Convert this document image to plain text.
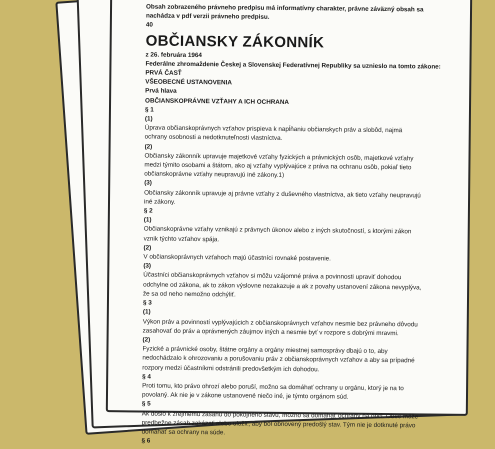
Obsah zobrazeného právneho predpisu má informatívny charakter, právne záväzný obsah sa
nachádza v pdf verzii právneho predpisu.
40
OBČIANSKY ZÁKONNÍK
z 26. februára 1964
Federálne zhromaždenie Českej a Slovenskej Federatívnej Republiky sa uznieslo na tomto zákone:
PRVÁ ČASŤ
VŠEOBECNÉ USTANOVENIA
Prvá hlava
OBČIANSKOPRÁVNE VZŤAHY A ICH OCHRANA
§ 1
(1)
Úprava občianskoprávnych vzťahov prispieva k napĺňaniu občianskych práv a slobôd, najmä
ochrany osobnosti a nedotknuteľnosti vlastníctva.
(2)
Občiansky zákonník upravuje majetkové vzťahy fyzických a právnických osôb, majetkové vzťahy
medzi týmito osobami a štátom, ako aj vzťahy vyplývajúce z práva na ochranu osôb, pokiaľ tieto
občianskoprávne vzťahy neupravujú iné zákony.1)
(3)
Občiansky zákonník upravuje aj právne vzťahy z duševného vlastníctva, ak tieto vzťahy neupravujú
iné zákony.
§ 2
(1)
Občianskoprávne vzťahy vznikajú z právnych úkonov alebo z iných skutočností, s ktorými zákon
vznik týchto vzťahov spája.
(2)
V občianskoprávnych vzťahoch majú účastníci rovnaké postavenie.
(3)
Účastníci občianskoprávnych vzťahov si môžu vzájomné práva a povinnosti upraviť dohodou
odchylne od zákona, ak to zákon výslovne nezakazuje a ak z povahy ustanovení zákona nevyplýva,
že sa od neho nemožno odchýliť.
§ 3
(1)
Výkon práv a povinností vyplývajúcich z občianskoprávnych vzťahov nesmie bez právneho dôvodu
zasahovať do práv a oprávnených záujmov iných a nesmie byť v rozpore s dobrými mravmi.
(2)
Fyzické a právnické osoby, štátne orgány a orgány miestnej samosprávy dbajú o to, aby
nedochádzalo k ohrozovaniu a porušovaniu práv z občianskoprávnych vzťahov a aby sa prípadné
rozpory medzi účastníkmi odstránili predovšetkým ich dohodou.
§ 4
Proti tomu, kto právo ohrozí alebo poruší, možno sa domáhať ochrany u orgánu, ktorý je na to
povolaný. Ak nie je v zákone ustanovené niečo iné, je týmto orgánom súd.
§ 5
Ak došlo k zrejmému zásahu do pokojného stavu, možno sa domáhať ochrany na obci. Obec môže
predbežne zásah zakázať alebo uložiť, aby bol obnovený predošlý stav. Tým nie je dotknuté právo
domáhať sa ochrany na súde.
§ 6
